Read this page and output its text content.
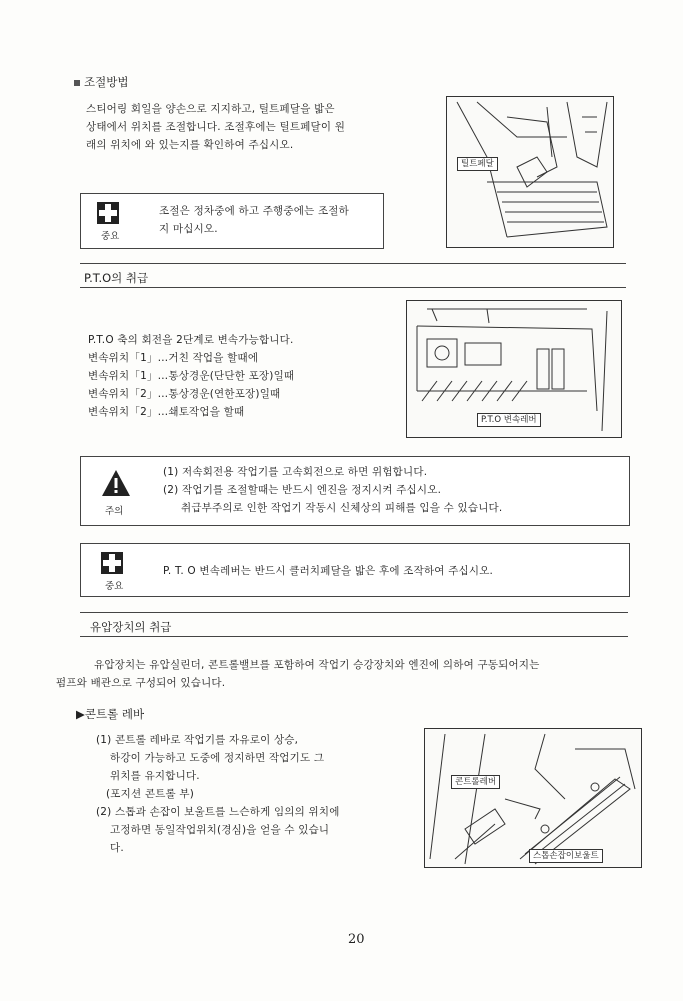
조절방법
스티어링 회일을 양손으로 지지하고, 틸트페달을 밟은
상태에서 위치를 조절합니다. 조절후에는 틸트페달이 원
래의 위치에 와 있는지를 확인하여 주십시오.
틸트페달
중요
조절은 정차중에 하고 주행중에는 조절하
지 마십시오.
P.T.O의 취급
P.T.O 축의 회전을 2단계로 변속가능합니다.
변속위치「1」…거친 작업을 할때에
변속위치「1」…통상경운(단단한 포장)일때
변속위치「2」…통상경운(연한포장)일때
변속위치「2」…쇄토작업을 할때
P.T.O 변속레버
주의
(1) 저속회전용 작업기를 고속회전으로 하면 위험합니다.
(2) 작업기를 조절할때는 반드시 엔진을 정지시켜 주십시오.
취급부주의로 인한 작업기 작동시 신체상의 피해를 입을 수 있습니다.
중요
P. T. O 변속레버는 반드시 클러치페달을 밟은 후에 조작하여 주십시오.
유압장치의 취급
유압장치는 유압실린더, 콘트롤밸브를 포함하여 작업기 승강장치와 엔진에 의하여 구동되어지는
펌프와 배관으로 구성되어 있습니다.
▶콘트롤 레바
(1) 콘트롤 레바로 작업기를 자유로이 상승,
하강이 가능하고 도중에 정지하면 작업기도 그
위치를 유지합니다.
(포지션 콘트롤 부)
(2) 스톱과 손잡이 보울트를 느슨하게 임의의 위치에
고정하면 동일작업위치(경심)을 얻을 수 있습니
다.
콘트롤레버
스톱손잡이보울트
20
